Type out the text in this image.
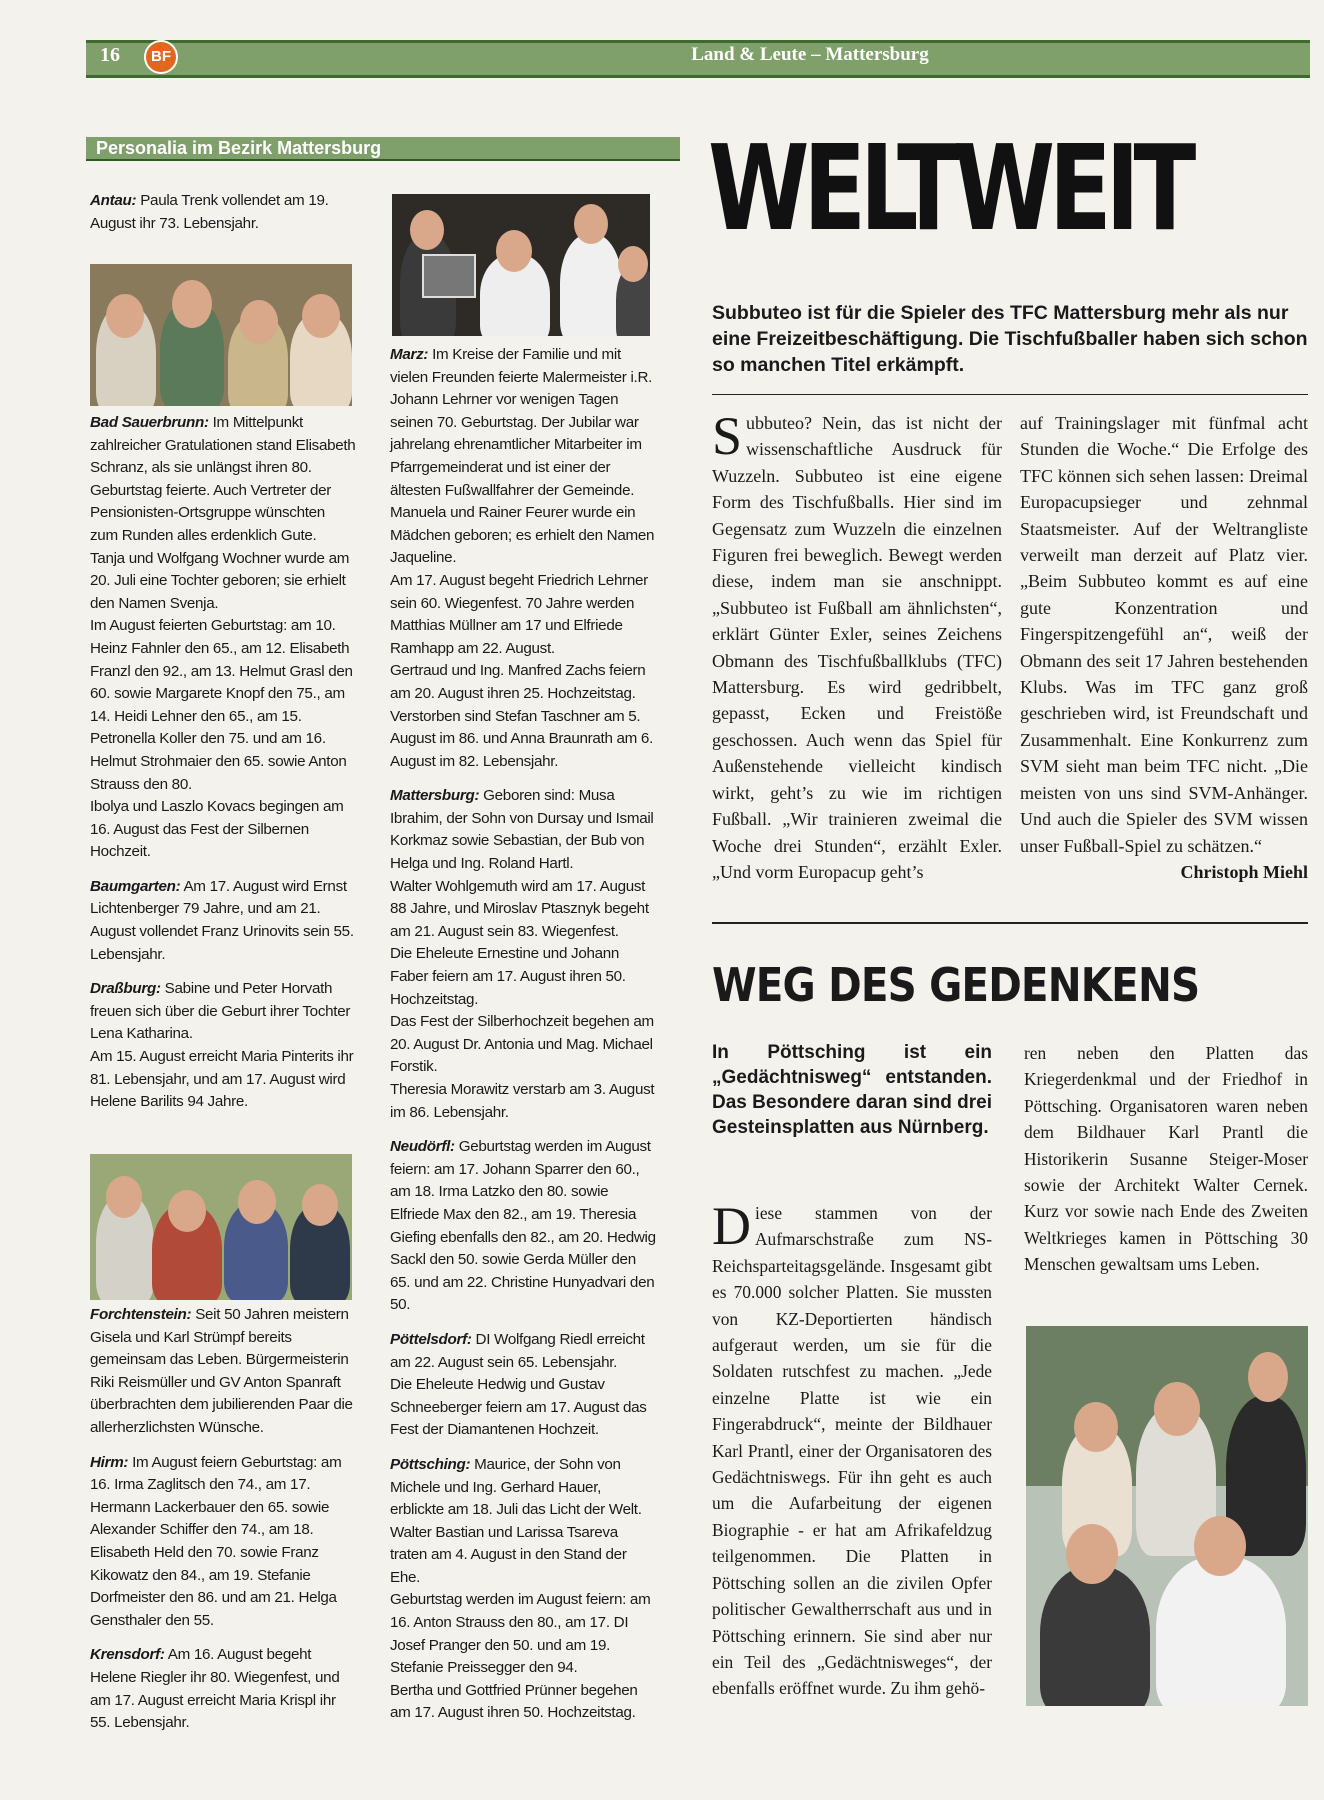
16	BF	Land & Leute – Mattersburg
Personalia im Bezirk Mattersburg

Antau: Paula Trenk vollendet am 19. August ihr 73. Lebensjahr.

Bad Sauerbrunn: Im Mittelpunkt zahlreicher Gratulationen stand Elisabeth Schranz, als sie unlängst ihren 80. Geburtstag feierte. Auch Vertreter der Pensionisten-Ortsgruppe wünschten zum Runden alles erdenklich Gute.
Tanja und Wolfgang Wochner wurde am 20. Juli eine Tochter geboren; sie erhielt den Namen Svenja.
Im August feierten Geburtstag: am 10. Heinz Fahnler den 65., am 12. Elisabeth Franzl den 92., am 13. Helmut Grasl den 60. sowie Margarete Knopf den 75., am 14. Heidi Lehner den 65., am 15. Petronella Koller den 75. und am 16. Helmut Strohmaier den 65. sowie Anton Strauss den 80.
Ibolya und Laszlo Kovacs begingen am 16. August das Fest der Silbernen Hochzeit.

Baumgarten: Am 17. August wird Ernst Lichtenberger 79 Jahre, und am 21. August vollendet Franz Urinovits sein 55. Lebensjahr.

Draßburg: Sabine und Peter Horvath freuen sich über die Geburt ihrer Tochter Lena Katharina.
Am 15. August erreicht Maria Pinterits ihr 81. Lebensjahr, und am 17. August wird Helene Barilits 94 Jahre.

Forchtenstein: Seit 50 Jahren meistern Gisela und Karl Strümpf bereits gemeinsam das Leben. Bürgermeisterin Riki Reismüller und GV Anton Spanraft überbrachten dem jubilierenden Paar die allerherzlichsten Wünsche.

Hirm: Im August feiern Geburtstag: am 16. Irma Zaglitsch den 74., am 17. Hermann Lackerbauer den 65. sowie Alexander Schiffer den 74., am 18. Elisabeth Held den 70. sowie Franz Kikowatz den 84., am 19. Stefanie Dorfmeister den 86. und am 21. Helga Gensthaler den 55.

Krensdorf: Am 16. August begeht Helene Riegler ihr 80. Wiegenfest, und am 17. August erreicht Maria Krispl ihr 55. Lebensjahr.

Marz: Im Kreise der Familie und mit vielen Freunden feierte Malermeister i.R. Johann Lehrner vor wenigen Tagen seinen 70. Geburtstag. Der Jubilar war jahrelang ehrenamtlicher Mitarbeiter im Pfarrgemeinderat und ist einer der ältesten Fußwallfahrer der Gemeinde.
Manuela und Rainer Feurer wurde ein Mädchen geboren; es erhielt den Namen Jaqueline.
Am 17. August begeht Friedrich Lehrner sein 60. Wiegenfest. 70 Jahre werden Matthias Müllner am 17 und Elfriede Ramhapp am 22. August.
Gertraud und Ing. Manfred Zachs feiern am 20. August ihren 25. Hochzeitstag.
Verstorben sind Stefan Taschner am 5. August im 86. und Anna Braunrath am 6. August im 82. Lebensjahr.

Mattersburg: Geboren sind: Musa Ibrahim, der Sohn von Dursay und Ismail Korkmaz sowie Sebastian, der Bub von Helga und Ing. Roland Hartl.
Walter Wohlgemuth wird am 17. August 88 Jahre, und Miroslav Ptasznyk begeht am 21. August sein 83. Wiegenfest.
Die Eheleute Ernestine und Johann Faber feiern am 17. August ihren 50. Hochzeitstag.
Das Fest der Silberhochzeit begehen am 20. August Dr. Antonia und Mag. Michael Forstik.
Theresia Morawitz verstarb am 3. August im 86. Lebensjahr.

Neudörfl: Geburtstag werden im August feiern: am 17. Johann Sparrer den 60., am 18. Irma Latzko den 80. sowie Elfriede Max den 82., am 19. Theresia Giefing ebenfalls den 82., am 20. Hedwig Sackl den 50. sowie Gerda Müller den 65. und am 22. Christine Hunyadvari den 50.

Pöttelsdorf: DI Wolfgang Riedl erreicht am 22. August sein 65. Lebensjahr.
Die Eheleute Hedwig und Gustav Schneeberger feiern am 17. August das Fest der Diamantenen Hochzeit.

Pöttsching: Maurice, der Sohn von Michele und Ing. Gerhard Hauer, erblickte am 18. Juli das Licht der Welt.
Walter Bastian und Larissa Tsareva traten am 4. August in den Stand der Ehe.
Geburtstag werden im August feiern: am 16. Anton Strauss den 80., am 17. DI Josef Pranger den 50. und am 19. Stefanie Preissegger den 94.
Bertha und Gottfried Prünner begehen am 17. August ihren 50. Hochzeitstag.

WELTWEIT
Subbuteo ist für die Spieler des TFC Mattersburg mehr als nur eine Freizeitbeschäftigung. Die Tischfußballer haben sich schon so manchen Titel erkämpft.

Subbuteo? Nein, das ist nicht der wissenschaftliche Ausdruck für Wuzzeln. Subbuteo ist eine eigene Form des Tischfußballs. Hier sind im Gegensatz zum Wuzzeln die einzelnen Figuren frei beweglich. Bewegt werden diese, indem man sie anschnippt. „Subbuteo ist Fußball am ähnlichsten“, erklärt Günter Exler, seines Zeichens Obmann des Tischfußballklubs (TFC) Mattersburg. Es wird gedribbelt, gepasst, Ecken und Freistöße geschossen. Auch wenn das Spiel für Außenstehende vielleicht kindisch wirkt, geht’s zu wie im richtigen Fußball. „Wir trainieren zweimal die Woche drei Stunden“, erzählt Exler. „Und vorm Europacup geht’s

auf Trainingslager mit fünfmal acht Stunden die Woche.“ Die Erfolge des TFC können sich sehen lassen: Dreimal Europacupsieger und zehnmal Staatsmeister. Auf der Weltrangliste verweilt man derzeit auf Platz vier. „Beim Subbuteo kommt es auf eine gute Konzentration und Fingerspitzengefühl an“, weiß der Obmann des seit 17 Jahren bestehenden Klubs. Was im TFC ganz groß geschrieben wird, ist Freundschaft und Zusammenhalt. Eine Konkurrenz zum SVM sieht man beim TFC nicht. „Die meisten von uns sind SVM-Anhänger. Und auch die Spieler des SVM wissen unser Fußball-Spiel zu schätzen.“

Christoph Miehl

WEG DES GEDENKENS
In Pöttsching ist ein „Gedächtnisweg“ entstanden. Das Besondere daran sind drei Gesteinsplatten aus Nürnberg.

Diese stammen von der Aufmarschstraße zum NS-Reichsparteitagsgelände. Insgesamt gibt es 70.000 solcher Platten. Sie mussten von KZ-Deportierten händisch aufgeraut werden, um sie für die Soldaten rutschfest zu machen. „Jede einzelne Platte ist wie ein Fingerabdruck“, meinte der Bildhauer Karl Prantl, einer der Organisatoren des Gedächtniswegs. Für ihn geht es auch um die Aufarbeitung der eigenen Biographie - er hat am Afrikafeldzug teilgenommen. Die Platten in Pöttsching sollen an die zivilen Opfer politischer Gewaltherrschaft aus und in Pöttsching erinnern. Sie sind aber nur ein Teil des „Gedächtnisweges“, der ebenfalls eröffnet wurde. Zu ihm gehö-

ren neben den Platten das Kriegerdenkmal und der Friedhof in Pöttsching. Organisatoren waren neben dem Bildhauer Karl Prantl die Historikerin Susanne Steiger-Moser sowie der Architekt Walter Cernek. Kurz vor sowie nach Ende des Zweiten Weltkrieges kamen in Pöttsching 30 Menschen gewaltsam ums Leben.
